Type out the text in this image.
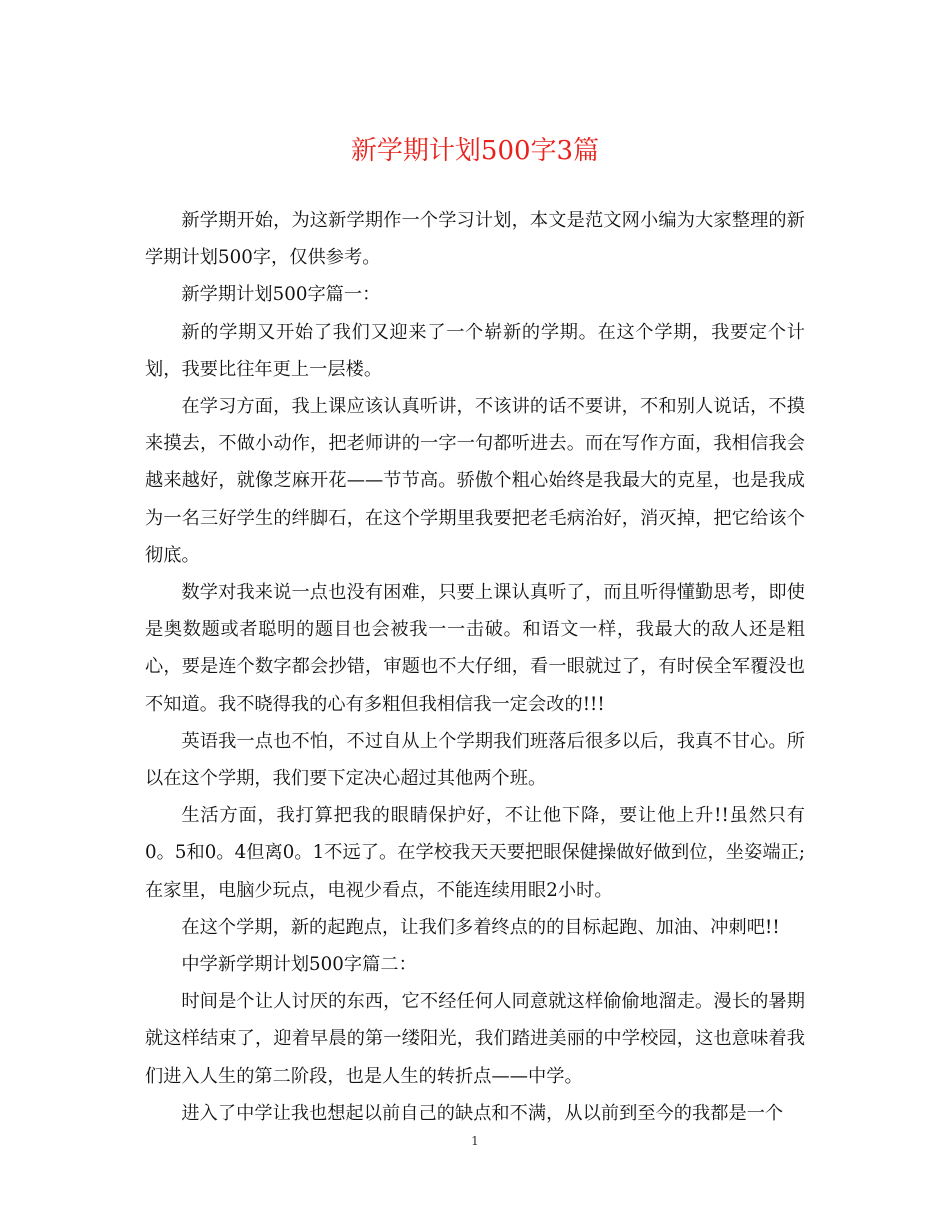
新学期计划500字3篇

新学期开始，为这新学期作一个学习计划，本文是范文网小编为大家整理的新学期计划500字，仅供参考。

新学期计划500字篇一：

新的学期又开始了我们又迎来了一个崭新的学期。在这个学期，我要定个计划，我要比往年更上一层楼。

在学习方面，我上课应该认真听讲，不该讲的话不要讲，不和别人说话，不摸来摸去，不做小动作，把老师讲的一字一句都听进去。而在写作方面，我相信我会越来越好，就像芝麻开花——节节高。骄傲个粗心始终是我最大的克星，也是我成为一名三好学生的绊脚石，在这个学期里我要把老毛病治好，消灭掉，把它给该个彻底。

数学对我来说一点也没有困难，只要上课认真听了，而且听得懂勤思考，即使是奥数题或者聪明的题目也会被我一一击破。和语文一样，我最大的敌人还是粗心，要是连个数字都会抄错，审题也不大仔细，看一眼就过了，有时侯全军覆没也不知道。我不晓得我的心有多粗但我相信我一定会改的!!!

英语我一点也不怕，不过自从上个学期我们班落后很多以后，我真不甘心。所以在这个学期，我们要下定决心超过其他两个班。

生活方面，我打算把我的眼睛保护好，不让他下降，要让他上升!!虽然只有0。5和0。4但离0。1不远了。在学校我天天要把眼保健操做好做到位，坐姿端正;在家里，电脑少玩点，电视少看点，不能连续用眼2小时。

在这个学期，新的起跑点，让我们多着终点的的目标起跑、加油、冲刺吧!!

中学新学期计划500字篇二：

时间是个让人讨厌的东西，它不经任何人同意就这样偷偷地溜走。漫长的暑期就这样结束了，迎着早晨的第一缕阳光，我们踏进美丽的中学校园，这也意味着我们进入人生的第二阶段，也是人生的转折点——中学。

进入了中学让我也想起以前自己的缺点和不满，从以前到至今的我都是一个

1
